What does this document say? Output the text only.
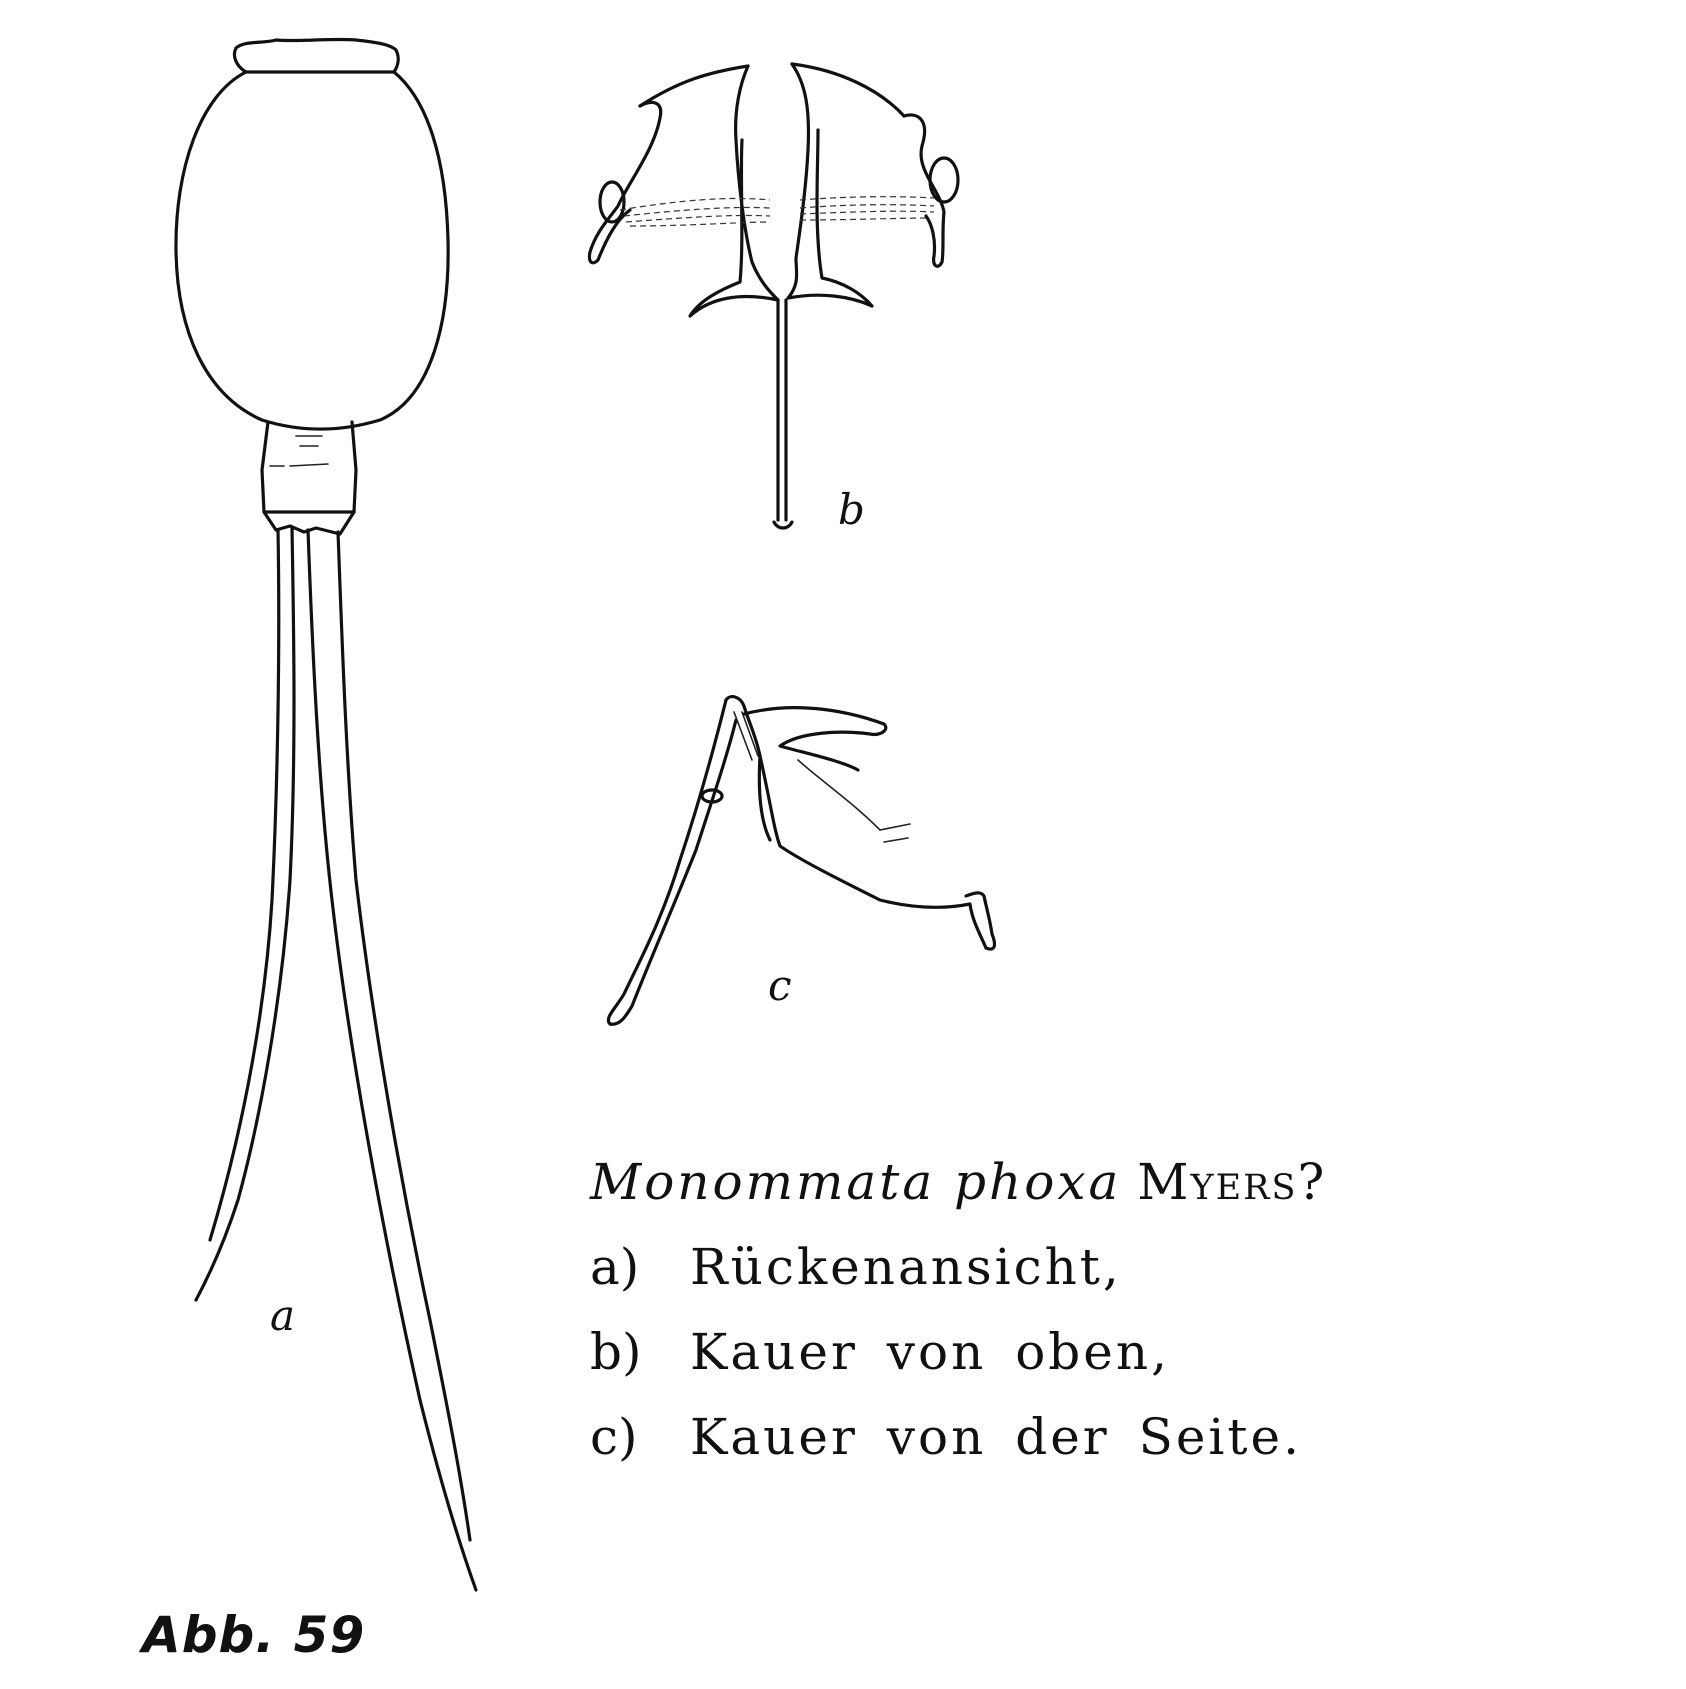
a
b
c
Abb. 59
Monommata phoxa Myers?
a) Rückenansicht,
b) Kauer von oben,
c) Kauer von der Seite.
